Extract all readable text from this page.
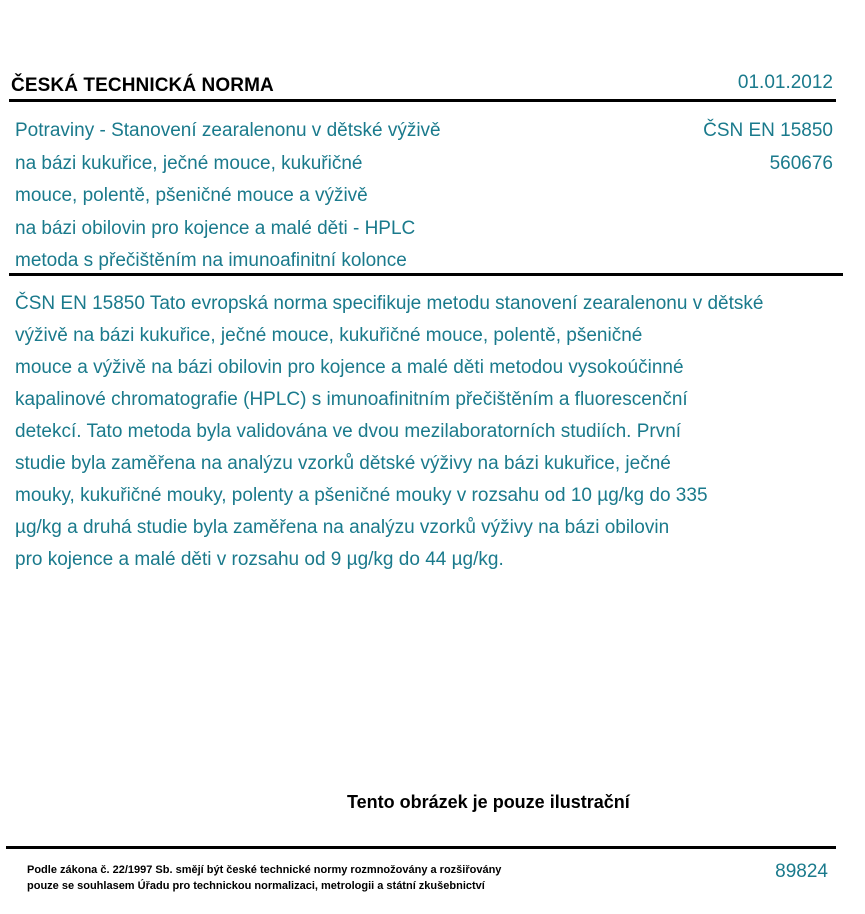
ČESKÁ TECHNICKÁ NORMA	01.01.2012
Potraviny - Stanovení zearalenonu v dětské výživě
na bázi kukuřice, ječné mouce, kukuřičné
mouce, polentě, pšeničné mouce a výživě
na bázi obilovin pro kojence a malé děti - HPLC
metoda s přečištěním na imunoafinitní kolonce
ČSN EN 15850
560676
ČSN EN 15850 Tato evropská norma specifikuje metodu stanovení zearalenonu v dětské
výživě na bázi kukuřice, ječné mouce, kukuřičné mouce, polentě, pšeničné
mouce a výživě na bázi obilovin pro kojence a malé děti metodou vysokoúčinné
kapalinové chromatografie (HPLC) s imunoafinitním přečištěním a fluorescenční
detekcí. Tato metoda byla validována ve dvou mezilaboratorních studiích. První
studie byla zaměřena na analýzu vzorků dětské výživy na bázi kukuřice, ječné
mouky, kukuřičné mouky, polenty a pšeničné mouky v rozsahu od 10 µg/kg do 335
µg/kg a druhá studie byla zaměřena na analýzu vzorků výživy na bázi obilovin
pro kojence a malé děti v rozsahu od 9 µg/kg do 44 µg/kg.
Tento obrázek je pouze ilustrační
Podle zákona č. 22/1997 Sb. smějí být české technické normy rozmnožovány a rozšiřovány
pouze se souhlasem Úřadu pro technickou normalizaci, metrologii a státní zkušebnictví
89824
